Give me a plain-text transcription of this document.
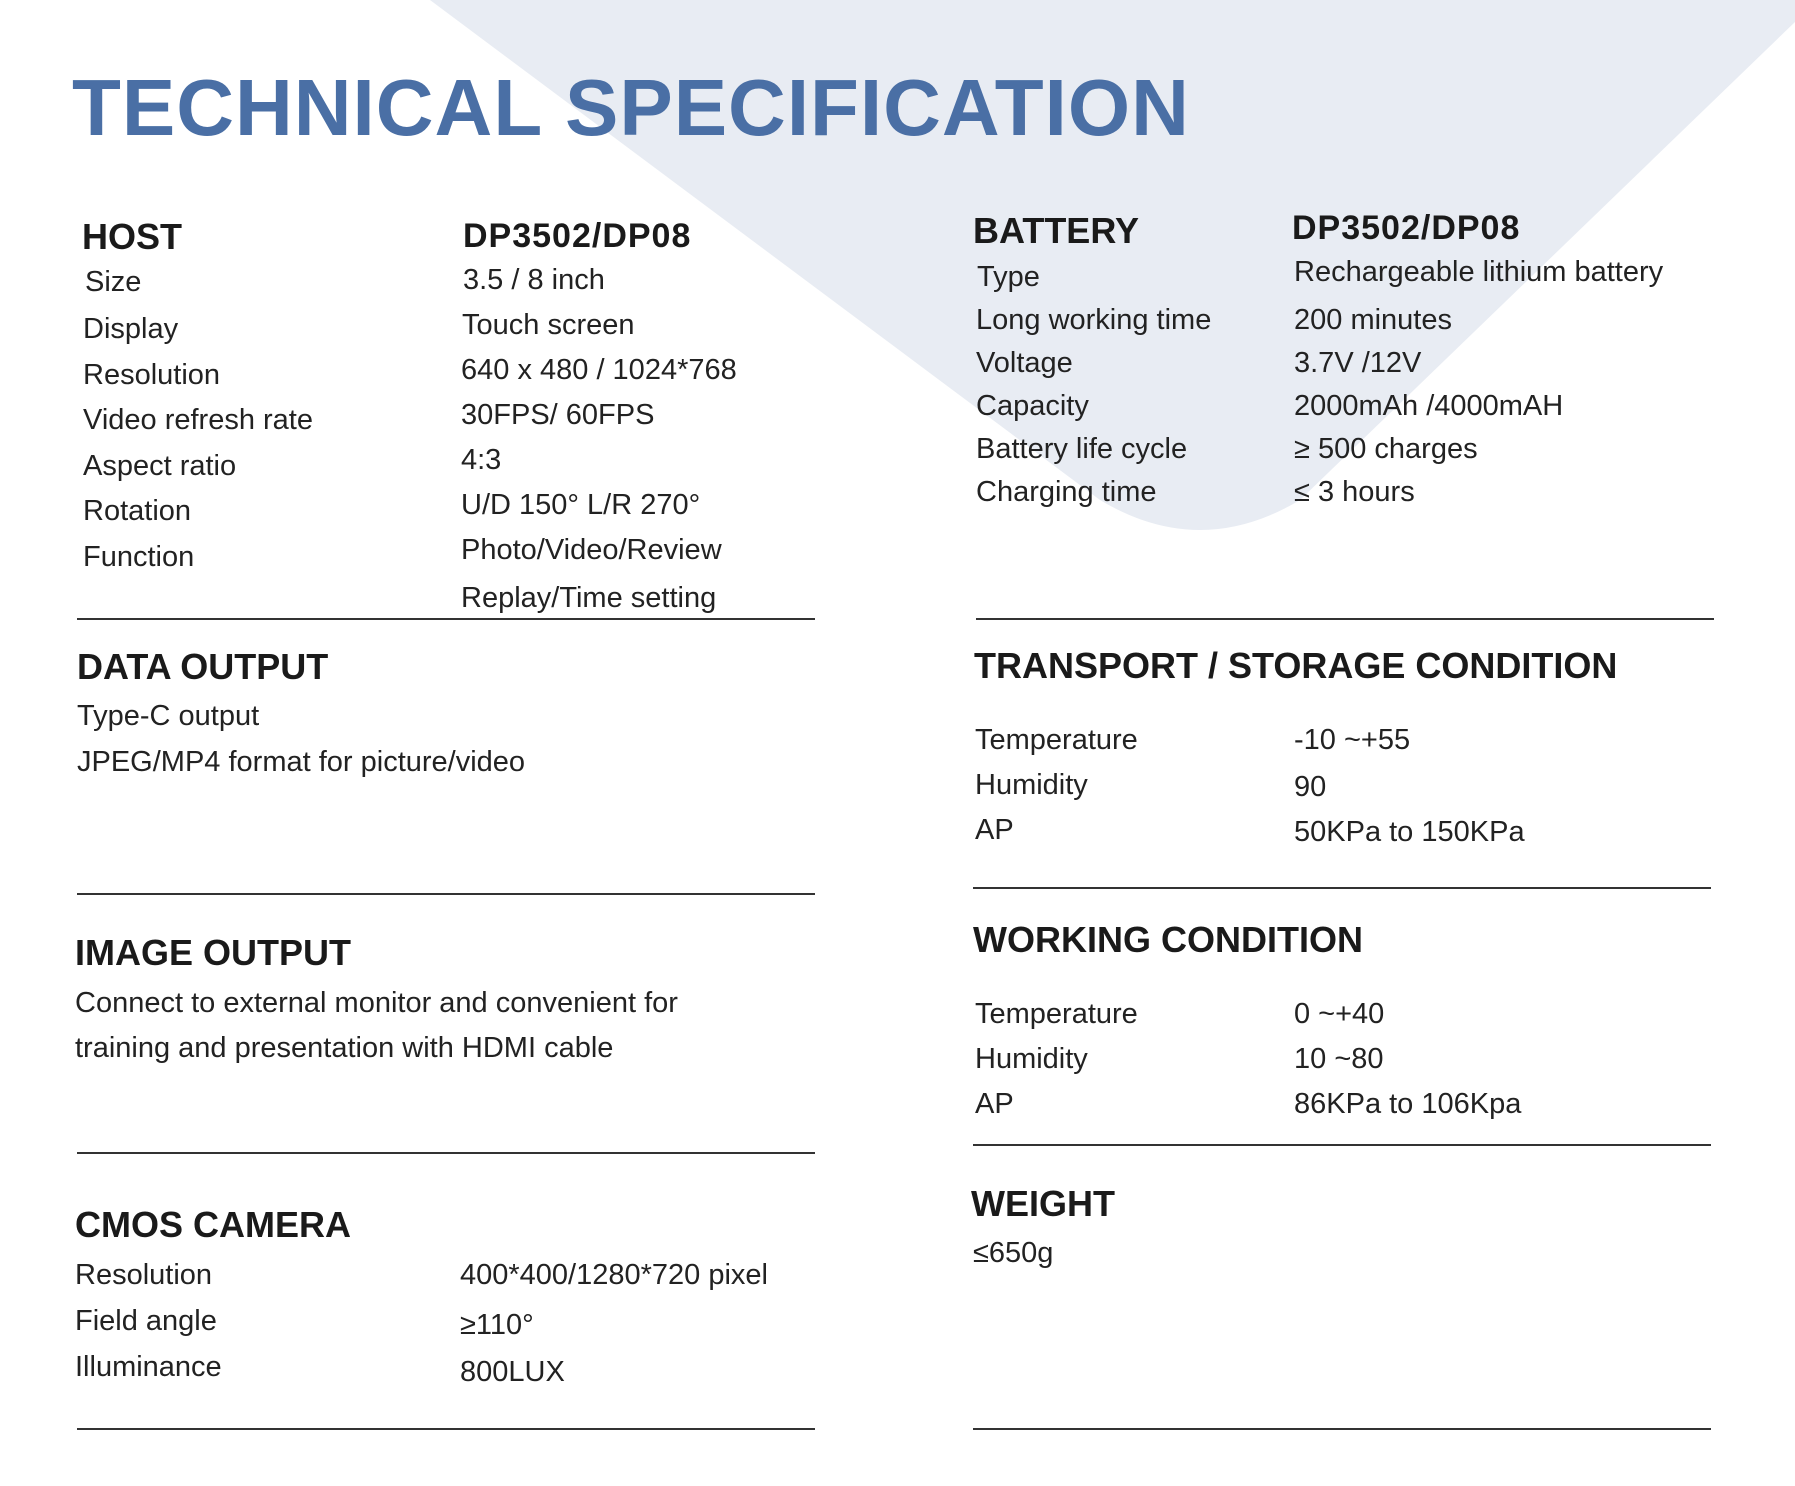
TECHNICAL SPECIFICATION
HOST	DP3502/DP08
Size	3.5 / 8 inch
Display	Touch screen
Resolution	640 x 480 / 1024*768
Video refresh rate	30FPS/ 60FPS
Aspect ratio	4:3
Rotation	U/D 150° L/R 270°
Function	Photo/Video/Review
Replay/Time setting
BATTERY	DP3502/DP08
Type	Rechargeable lithium battery
Long working time	200 minutes
Voltage	3.7V /12V
Capacity	2000mAh /4000mAH
Battery life cycle	≥ 500 charges
Charging time	≤ 3 hours
DATA OUTPUT
Type-C output
JPEG/MP4 format for picture/video
TRANSPORT / STORAGE CONDITION
Temperature	-10 ~+55
Humidity	90
AP	50KPa to 150KPa
IMAGE OUTPUT
Connect to external monitor and convenient for
training and presentation with HDMI cable
WORKING CONDITION
Temperature	0 ~+40
Humidity	10 ~80
AP	86KPa to 106Kpa
CMOS CAMERA
Resolution	400*400/1280*720 pixel
Field angle	≥110°
Illuminance	800LUX
WEIGHT
≤650g
